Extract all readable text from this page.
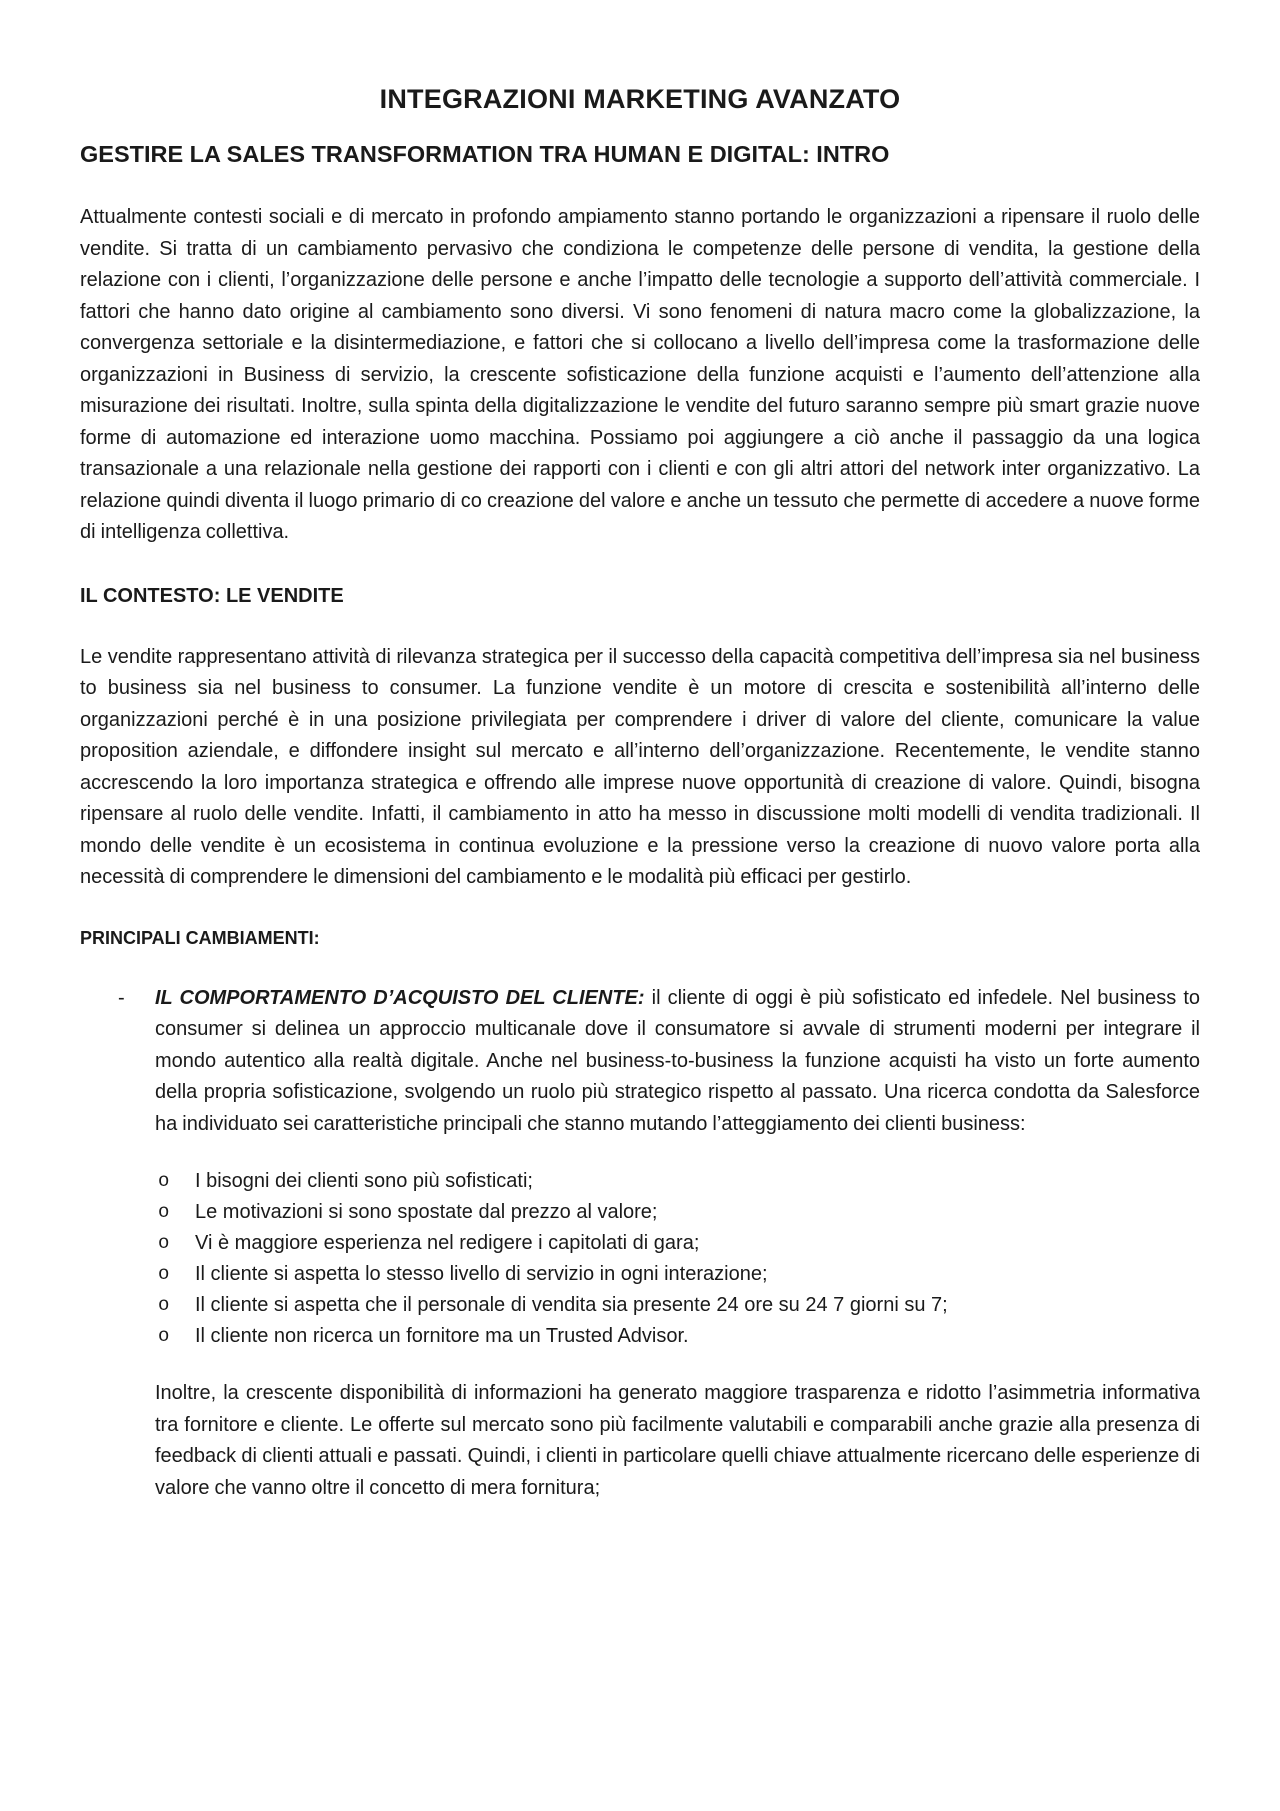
INTEGRAZIONI MARKETING AVANZATO
GESTIRE LA SALES TRANSFORMATION TRA HUMAN E DIGITAL: INTRO

Attualmente contesti sociali e di mercato in profondo ampiamento stanno portando le organizzazioni a ripensare il ruolo delle vendite. Si tratta di un cambiamento pervasivo che condiziona le competenze delle persone di vendita, la gestione della relazione con i clienti, l’organizzazione delle persone e anche l’impatto delle tecnologie a supporto dell’attività commerciale. I fattori che hanno dato origine al cambiamento sono diversi. Vi sono fenomeni di natura macro come la globalizzazione, la convergenza settoriale e la disintermediazione, e fattori che si collocano a livello dell’impresa come la trasformazione delle organizzazioni in Business di servizio, la crescente sofisticazione della funzione acquisti e l’aumento dell’attenzione alla misurazione dei risultati. Inoltre, sulla spinta della digitalizzazione le vendite del futuro saranno sempre più smart grazie nuove forme di automazione ed interazione uomo macchina. Possiamo poi aggiungere a ciò anche il passaggio da una logica transazionale a una relazionale nella gestione dei rapporti con i clienti e con gli altri attori del network inter organizzativo. La relazione quindi diventa il luogo primario di co creazione del valore e anche un tessuto che permette di accedere a nuove forme di intelligenza collettiva.

IL CONTESTO: LE VENDITE

Le vendite rappresentano attività di rilevanza strategica per il successo della capacità competitiva dell’impresa sia nel business to business sia nel business to consumer. La funzione vendite è un motore di crescita e sostenibilità all’interno delle organizzazioni perché è in una posizione privilegiata per comprendere i driver di valore del cliente, comunicare la value proposition aziendale, e diffondere insight sul mercato e all’interno dell’organizzazione. Recentemente, le vendite stanno accrescendo la loro importanza strategica e offrendo alle imprese nuove opportunità di creazione di valore. Quindi, bisogna ripensare al ruolo delle vendite. Infatti, il cambiamento in atto ha messo in discussione molti modelli di vendita tradizionali. Il mondo delle vendite è un ecosistema in continua evoluzione e la pressione verso la creazione di nuovo valore porta alla necessità di comprendere le dimensioni del cambiamento e le modalità più efficaci per gestirlo.

PRINCIPALI CAMBIAMENTI:
- IL COMPORTAMENTO D’ACQUISTO DEL CLIENTE: il cliente di oggi è più sofisticato ed infedele. Nel business to consumer si delinea un approccio multicanale dove il consumatore si avvale di strumenti moderni per integrare il mondo autentico alla realtà digitale. Anche nel business-to-business la funzione acquisti ha visto un forte aumento della propria sofisticazione, svolgendo un ruolo più strategico rispetto al passato. Una ricerca condotta da Salesforce ha individuato sei caratteristiche principali che stanno mutando l’atteggiamento dei clienti business:

o I bisogni dei clienti sono più sofisticati;
o Le motivazioni si sono spostate dal prezzo al valore;
o Vi è maggiore esperienza nel redigere i capitolati di gara;
o Il cliente si aspetta lo stesso livello di servizio in ogni interazione;
o Il cliente si aspetta che il personale di vendita sia presente 24 ore su 24 7 giorni su 7;
o Il cliente non ricerca un fornitore ma un Trusted Advisor.

Inoltre, la crescente disponibilità di informazioni ha generato maggiore trasparenza e ridotto l’asimmetria informativa tra fornitore e cliente. Le offerte sul mercato sono più facilmente valutabili e comparabili anche grazie alla presenza di feedback di clienti attuali e passati. Quindi, i clienti in particolare quelli chiave attualmente ricercano delle esperienze di valore che vanno oltre il concetto di mera fornitura;
